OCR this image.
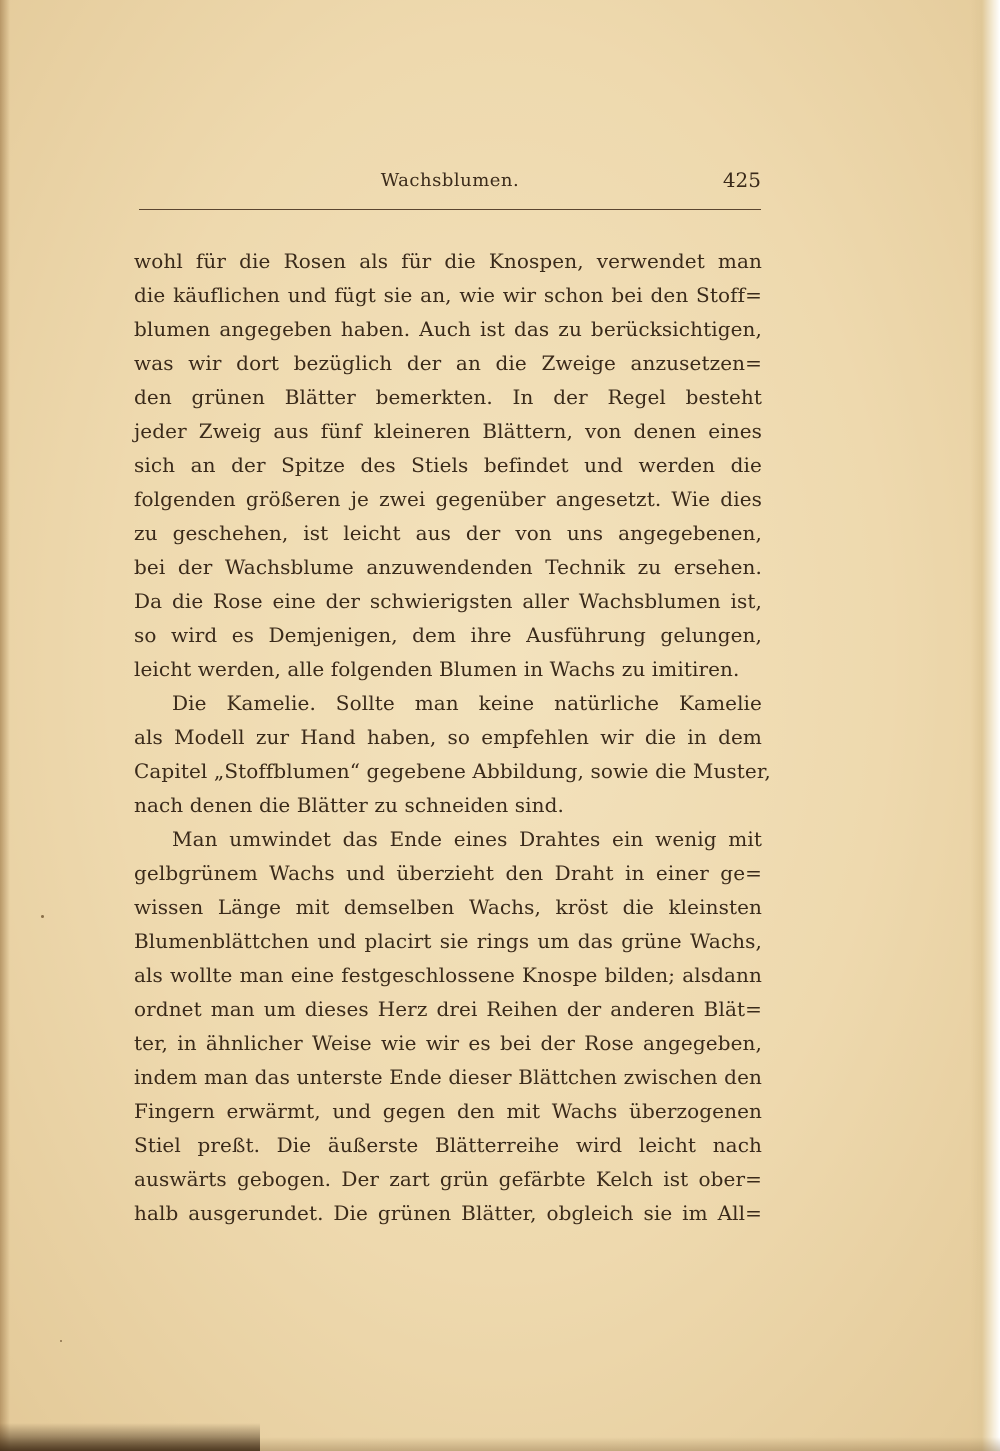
Wachsblumen.	425
wohl für die Rosen als für die Knospen, verwendet man
die käuflichen und fügt sie an, wie wir schon bei den Stoff=
blumen angegeben haben. Auch ist das zu berücksichtigen,
was wir dort bezüglich der an die Zweige anzusetzen=
den grünen Blätter bemerkten. In der Regel besteht
jeder Zweig aus fünf kleineren Blättern, von denen eines
sich an der Spitze des Stiels befindet und werden die
folgenden größeren je zwei gegenüber angesetzt. Wie dies
zu geschehen, ist leicht aus der von uns angegebenen,
bei der Wachsblume anzuwendenden Technik zu ersehen.
Da die Rose eine der schwierigsten aller Wachsblumen ist,
so wird es Demjenigen, dem ihre Ausführung gelungen,
leicht werden, alle folgenden Blumen in Wachs zu imitiren.
Die Kamelie. Sollte man keine natürliche Kamelie
als Modell zur Hand haben, so empfehlen wir die in dem
Capitel „Stoffblumen“ gegebene Abbildung, sowie die Muster,
nach denen die Blätter zu schneiden sind.
Man umwindet das Ende eines Drahtes ein wenig mit
gelbgrünem Wachs und überzieht den Draht in einer ge=
wissen Länge mit demselben Wachs, kröst die kleinsten
Blumenblättchen und placirt sie rings um das grüne Wachs,
als wollte man eine festgeschlossene Knospe bilden; alsdann
ordnet man um dieses Herz drei Reihen der anderen Blät=
ter, in ähnlicher Weise wie wir es bei der Rose angegeben,
indem man das unterste Ende dieser Blättchen zwischen den
Fingern erwärmt, und gegen den mit Wachs überzogenen
Stiel preßt. Die äußerste Blätterreihe wird leicht nach
auswärts gebogen. Der zart grün gefärbte Kelch ist ober=
halb ausgerundet. Die grünen Blätter, obgleich sie im All=
